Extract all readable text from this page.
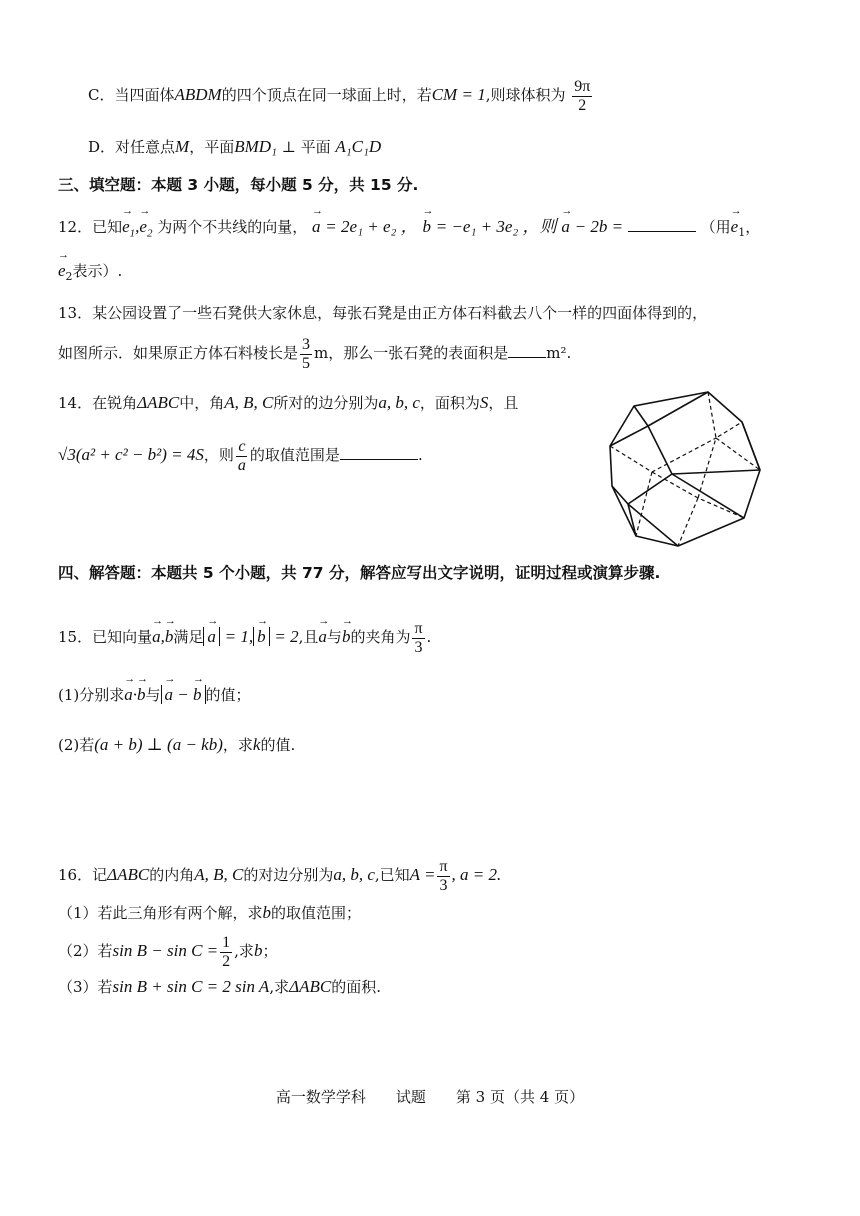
C．当四面体ABDM的四个顶点在同一球面上时，若CM = 1,则球体积为 $\frac{9\pi}{2}$
D．对任意点M，平面BMD₁ ⊥ 平面 A₁C₁D
三、填空题：本题 3 小题，每小题 5 分，共 15 分.
12．已知→ $e_1,\to e_2$ 为两个不共线的向量， → a = 2e₁ + e₂ ， → b = −e₁ + 3e₂ ，则 → a − 2b =	（用→ $e_1$，
→ $e_2$表示）.
13．某公园设置了一些石凳供大家休息，每张石凳是由正方体石料截去八个一样的四面体得到的，
如图所示．如果原正方体石料棱长是 $\frac{3}{5}$ m，那么一张石凳的表面积是	m².
14．在锐角ΔABC中，角A, B, C所对的边分别为a, b, c，面积为S，且
√3(a² + c² − b²) = 4S，则 $\frac{c}{a}$ 的取值范围是	.
四、解答题：本题共 5 个小题，共 77 分，解答应写出文字说明，证明过程或演算步骤.
15．已知向量→ a,→ b满足 → a = 1, → b = 2,且→ a与→ b的夹角为 $\frac{\pi}{3}$ .
(1)分别求→ a·→ b与 → a − → b 的值；
(2)若(a + b) ⊥ (a − kb)，求k的值.
16．记ΔABC的内角A, B, C的对边分别为a, b, c,已知$A = \frac{\pi}{3}$ , a = 2.
（1）若此三角形有两个解，求b的取值范围；
（2）若$\sin B - \sin C = \frac{1}{2}$ ,求b；
（3）若sin B + sin C = 2 sin A,求ΔABC的面积.
高一数学学科　　试题　　第 3 页（共 4 页）
